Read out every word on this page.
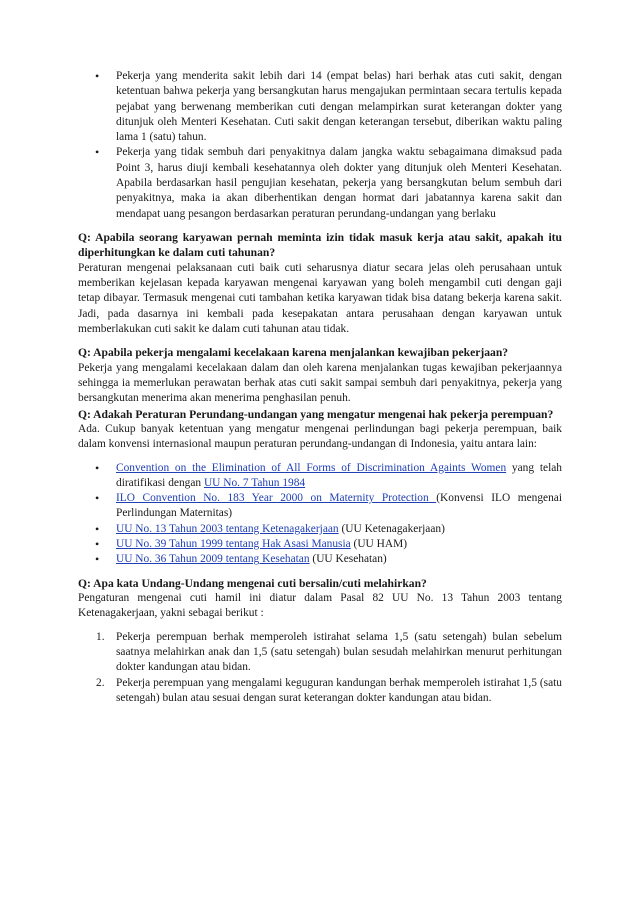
• Pekerja yang menderita sakit lebih dari 14 (empat belas) hari berhak atas cuti sakit, dengan ketentuan bahwa pekerja yang bersangkutan harus mengajukan permintaan secara tertulis kepada pejabat yang berwenang memberikan cuti dengan melampirkan surat keterangan dokter yang ditunjuk oleh Menteri Kesehatan. Cuti sakit dengan keterangan tersebut, diberikan waktu paling lama 1 (satu) tahun.
• Pekerja yang tidak sembuh dari penyakitnya dalam jangka waktu sebagaimana dimaksud pada Point 3, harus diuji kembali kesehatannya oleh dokter yang ditunjuk oleh Menteri Kesehatan. Apabila berdasarkan hasil pengujian kesehatan, pekerja yang bersangkutan belum sembuh dari penyakitnya, maka ia akan diberhentikan dengan hormat dari jabatannya karena sakit dan mendapat uang pesangon berdasarkan peraturan perundang-undangan yang berlaku
Q: Apabila seorang karyawan pernah meminta izin tidak masuk kerja atau sakit, apakah itu diperhitungkan ke dalam cuti tahunan?

Peraturan mengenai pelaksanaan cuti baik cuti seharusnya diatur secara jelas oleh perusahaan untuk memberikan kejelasan kepada karyawan mengenai karyawan yang boleh mengambil cuti dengan gaji tetap dibayar. Termasuk mengenai cuti tambahan ketika karyawan tidak bisa datang bekerja karena sakit. Jadi, pada dasarnya ini kembali pada kesepakatan antara perusahaan dengan karyawan untuk memberlakukan cuti sakit ke dalam cuti tahunan atau tidak.

Q: Apabila pekerja mengalami kecelakaan karena menjalankan kewajiban pekerjaan?

Pekerja yang mengalami kecelakaan dalam dan oleh karena menjalankan tugas kewajiban pekerjaannya sehingga ia memerlukan perawatan berhak atas cuti sakit sampai sembuh dari penyakitnya, pekerja yang bersangkutan menerima akan menerima penghasilan penuh.

Q: Adakah Peraturan Perundang-undangan yang mengatur mengenai hak pekerja perempuan?

Ada. Cukup banyak ketentuan yang mengatur mengenai perlindungan bagi pekerja perempuan, baik dalam konvensi internasional maupun peraturan perundang-undangan di Indonesia, yaitu antara lain:

• Convention on the Elimination of All Forms of Discrimination Againts Women yang telah diratifikasi dengan UU No. 7 Tahun 1984
• ILO Convention No. 183 Year 2000 on Maternity Protection (Konvensi ILO mengenai Perlindungan Maternitas)
• UU No. 13 Tahun 2003 tentang Ketenagakerjaan (UU Ketenagakerjaan)
• UU No. 39 Tahun 1999 tentang Hak Asasi Manusia (UU HAM)
• UU No. 36 Tahun 2009 tentang Kesehatan (UU Kesehatan)
Q: Apa kata Undang-Undang mengenai cuti bersalin/cuti melahirkan?

Pengaturan mengenai cuti hamil ini diatur dalam Pasal 82 UU No. 13 Tahun 2003 tentang Ketenagakerjaan, yakni sebagai berikut :

1. Pekerja perempuan berhak memperoleh istirahat selama 1,5 (satu setengah) bulan sebelum saatnya melahirkan anak dan 1,5 (satu setengah) bulan sesudah melahirkan menurut perhitungan dokter kandungan atau bidan.
2. Pekerja perempuan yang mengalami keguguran kandungan berhak memperoleh istirahat 1,5 (satu setengah) bulan atau sesuai dengan surat keterangan dokter kandungan atau bidan.
